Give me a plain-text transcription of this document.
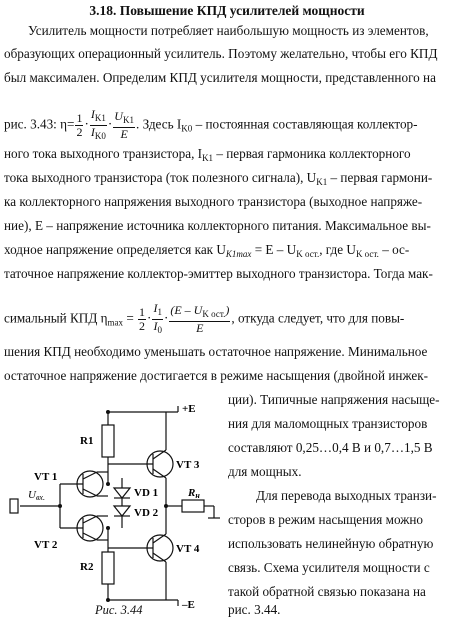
3.18. Повышение КПД усилителей мощности
Усилитель мощности потребляет наибольшую мощность из элементов,
образующих операционный усилитель. Поэтому желательно, чтобы его КПД
был максимален. Определим КПД усилителя мощности, представленного на
рис. 3.43: $\eta= \frac{1}{2} \cdot \frac{I_{K1}}{I_{K0}} \cdot \frac{U_{K1}}{E}$ . Здесь $I_{K0}$ – постоянная составляющая коллектор-
ного тока выходного транзистора, $I_{K1}$ – первая гармоника коллекторного
тока выходного транзистора (ток полезного сигнала), $U_{K1}$ – первая гармони-
ка коллекторного напряжения выходного транзистора (выходное напряже-
ние), E – напряжение источника коллекторного питания. Максимальное вы-
ходное напряжение определяется как $U_{K1max} = E - U_{K ост.}$, где $U_{K ост.} - ос-$
таточное напряжение коллектор-эмиттер выходного транзистора. Тогда мак-
симальный КПД $\eta_{max} = \frac{1}{2} \cdot \frac{I_1}{I_0} \cdot \frac{(E - U_{K ост.})}{E}$ , откуда следует, что для повы-
шения КПД необходимо уменьшать остаточное напряжение. Минимальное
остаточное напряжение достигается в режиме насыщения (двойной инжек-
ции). Типичные напряжения насыще-
ния для маломощных транзисторов
составляют 0,25…0,4 В и 0,7…1,5 В
для мощных.
Для перевода выходных транзи-
сторов в режим насыщения можно
использовать нелинейную обратную
связь. Схема усилителя мощности с
такой обратной связью показана на
рис. 3.44.
+E
–E
R1
R2
VT 1
VT 2
VT 3
VT 4
VD 1
VD 2
Rн
Uвх.
Рис. 3.44
